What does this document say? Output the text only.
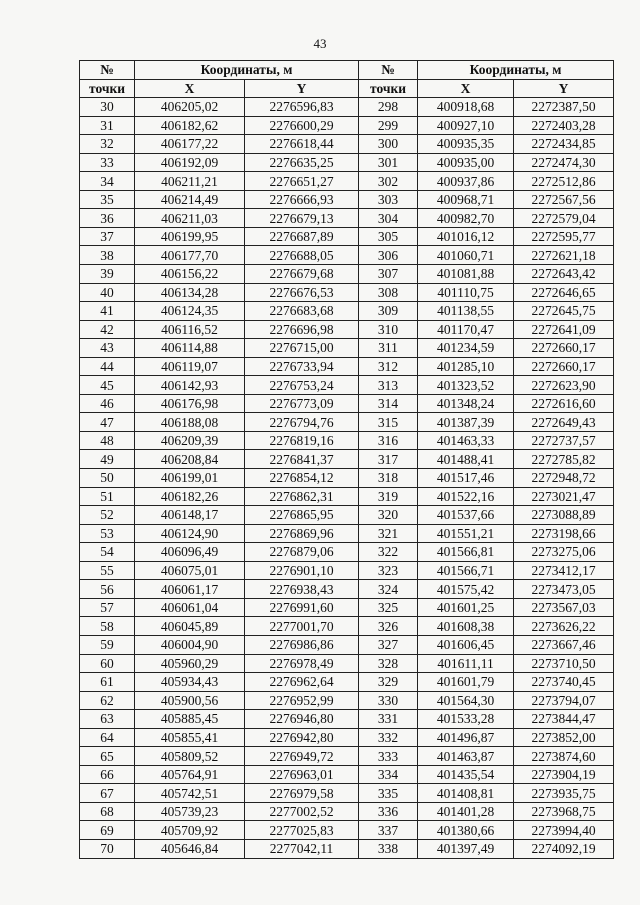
43
№	Координаты, м		№	Координаты, м	
точки	X	Y	точки	X	Y
30	406205,02	2276596,83	298	400918,68	2272387,50
31	406182,62	2276600,29	299	400927,10	2272403,28
32	406177,22	2276618,44	300	400935,35	2272434,85
33	406192,09	2276635,25	301	400935,00	2272474,30
34	406211,21	2276651,27	302	400937,86	2272512,86
35	406214,49	2276666,93	303	400968,71	2272567,56
36	406211,03	2276679,13	304	400982,70	2272579,04
37	406199,95	2276687,89	305	401016,12	2272595,77
38	406177,70	2276688,05	306	401060,71	2272621,18
39	406156,22	2276679,68	307	401081,88	2272643,42
40	406134,28	2276676,53	308	401110,75	2272646,65
41	406124,35	2276683,68	309	401138,55	2272645,75
42	406116,52	2276696,98	310	401170,47	2272641,09
43	406114,88	2276715,00	311	401234,59	2272660,17
44	406119,07	2276733,94	312	401285,10	2272660,17
45	406142,93	2276753,24	313	401323,52	2272623,90
46	406176,98	2276773,09	314	401348,24	2272616,60
47	406188,08	2276794,76	315	401387,39	2272649,43
48	406209,39	2276819,16	316	401463,33	2272737,57
49	406208,84	2276841,37	317	401488,41	2272785,82
50	406199,01	2276854,12	318	401517,46	2272948,72
51	406182,26	2276862,31	319	401522,16	2273021,47
52	406148,17	2276865,95	320	401537,66	2273088,89
53	406124,90	2276869,96	321	401551,21	2273198,66
54	406096,49	2276879,06	322	401566,81	2273275,06
55	406075,01	2276901,10	323	401566,71	2273412,17
56	406061,17	2276938,43	324	401575,42	2273473,05
57	406061,04	2276991,60	325	401601,25	2273567,03
58	406045,89	2277001,70	326	401608,38	2273626,22
59	406004,90	2276986,86	327	401606,45	2273667,46
60	405960,29	2276978,49	328	401611,11	2273710,50
61	405934,43	2276962,64	329	401601,79	2273740,45
62	405900,56	2276952,99	330	401564,30	2273794,07
63	405885,45	2276946,80	331	401533,28	2273844,47
64	405855,41	2276942,80	332	401496,87	2273852,00
65	405809,52	2276949,72	333	401463,87	2273874,60
66	405764,91	2276963,01	334	401435,54	2273904,19
67	405742,51	2276979,58	335	401408,81	2273935,75
68	405739,23	2277002,52	336	401401,28	2273968,75
69	405709,92	2277025,83	337	401380,66	2273994,40
70	405646,84	2277042,11	338	401397,49	2274092,19
